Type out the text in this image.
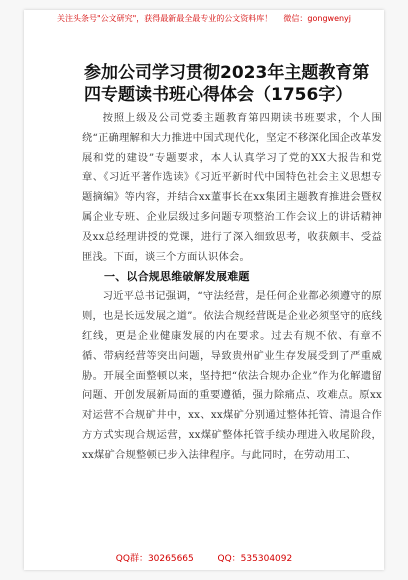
关注头条号"公文研究"，获得最新最全最专业的公文资料库！ 微信：gongwenyj
参加公司学习贯彻2023年主题教育第四专题读书班心得体会（1756字）

按照上级及公司党委主题教育第四期读书班要求，个人围绕“正确理解和大力推进中国式现代化，坚定不移深化国企改革发展和党的建设”专题要求，本人认真学习了党的XX大报告和党章、《习近平著作选读》《习近平新时代中国特色社会主义思想专题摘编》等内容，并结合xx董事长在xx集团主题教育推进会暨权属企业专班、企业层级过多问题专项整治工作会议上的讲话精神及xx总经理讲授的党课，进行了深入细致思考，收获颇丰、受益匪浅。下面，谈三个方面认识体会。

一、以合规思维破解发展难题

习近平总书记强调，“守法经营，是任何企业都必须遵守的原则，也是长远发展之道”。依法合规经营既是企业必须坚守的底线红线，更是企业健康发展的内在要求。过去有规不依、有章不循、带病经营等突出问题，导致贵州矿业生存发展受到了严重威胁。开展全面整顿以来，坚持把“依法合规办企业”作为化解遗留问题、开创发展新局面的重要遵循，强力除痛点、攻难点。原xx对运营不合规矿井中，xx、xx煤矿分别通过整体托管、清退合作方方式实现合规运营，xx煤矿整体托管手续办理进入收尾阶段，xx煤矿合规整顿已步入法律程序。与此同时，在劳动用工、

QQ群：30265665	QQ：535304092
